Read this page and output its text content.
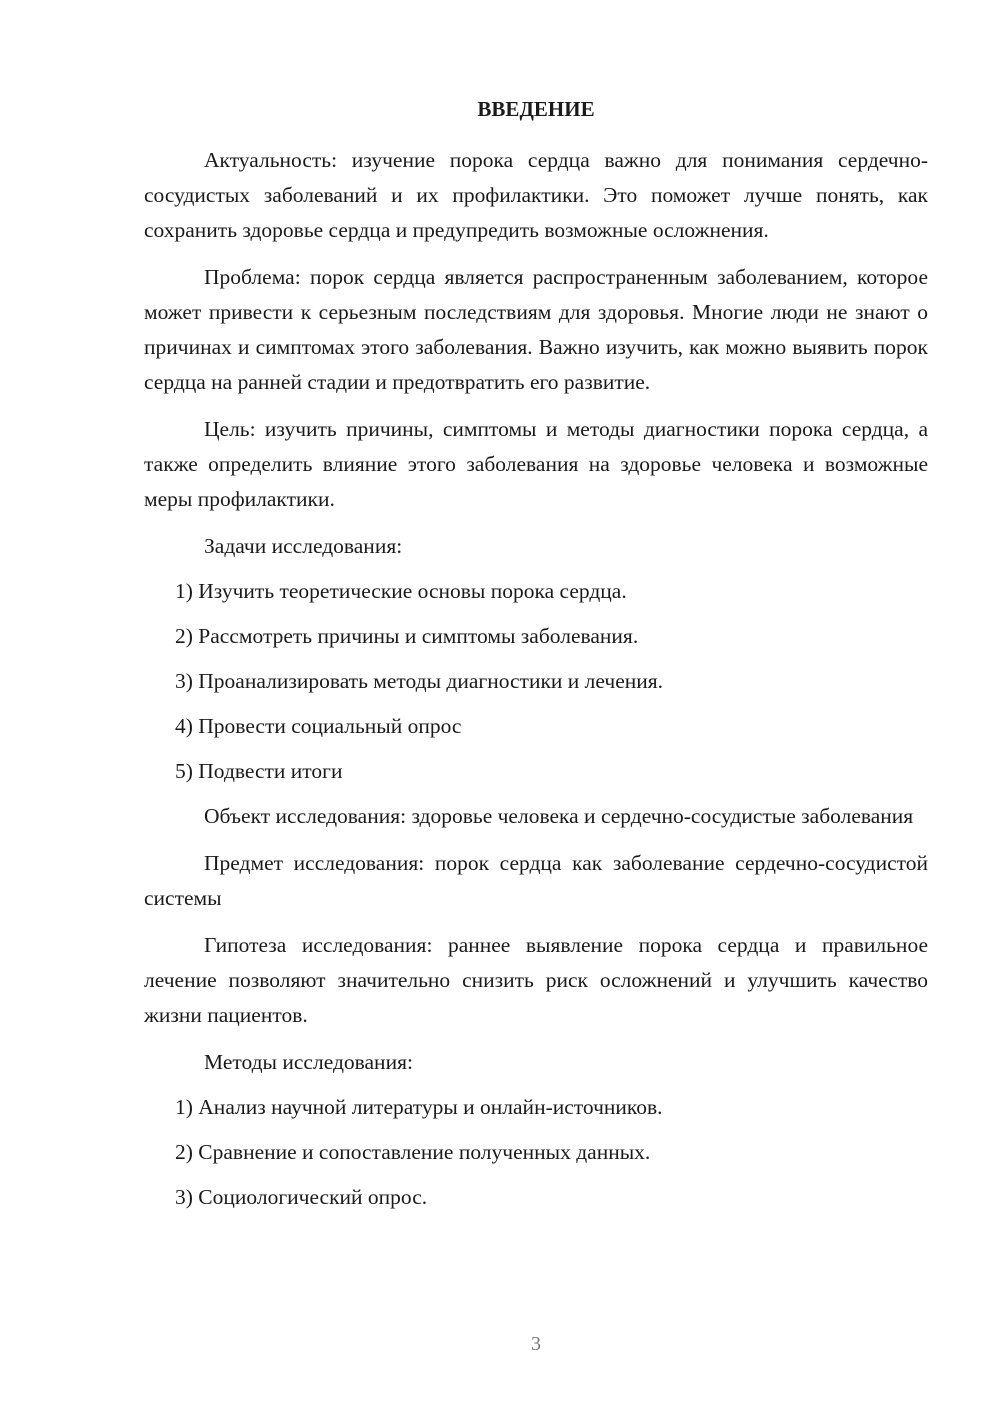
ВВЕДЕНИЕ

Актуальность: изучение порока сердца важно для понимания сердечно-сосудистых заболеваний и их профилактики. Это поможет лучше понять, как сохранить здоровье сердца и предупредить возможные осложнения.

Проблема: порок сердца является распространенным заболеванием, которое может привести к серьезным последствиям для здоровья. Многие люди не знают о причинах и симптомах этого заболевания. Важно изучить, как можно выявить порок сердца на ранней стадии и предотвратить его развитие.

Цель: изучить причины, симптомы и методы диагностики порока сердца, а также определить влияние этого заболевания на здоровье человека и возможные меры профилактики.

Задачи исследования:

1) Изучить теоретические основы порока сердца.

2) Рассмотреть причины и симптомы заболевания.

3) Проанализировать методы диагностики и лечения.

4) Провести социальный опрос

5) Подвести итоги

Объект исследования: здоровье человека и сердечно-сосудистые заболевания

Предмет исследования: порок сердца как заболевание сердечно-сосудистой системы

Гипотеза исследования: раннее выявление порока сердца и правильное лечение позволяют значительно снизить риск осложнений и улучшить качество жизни пациентов.

Методы исследования:

1) Анализ научной литературы и онлайн-источников.

2) Сравнение и сопоставление полученных данных.

3) Социологический опрос.

3
